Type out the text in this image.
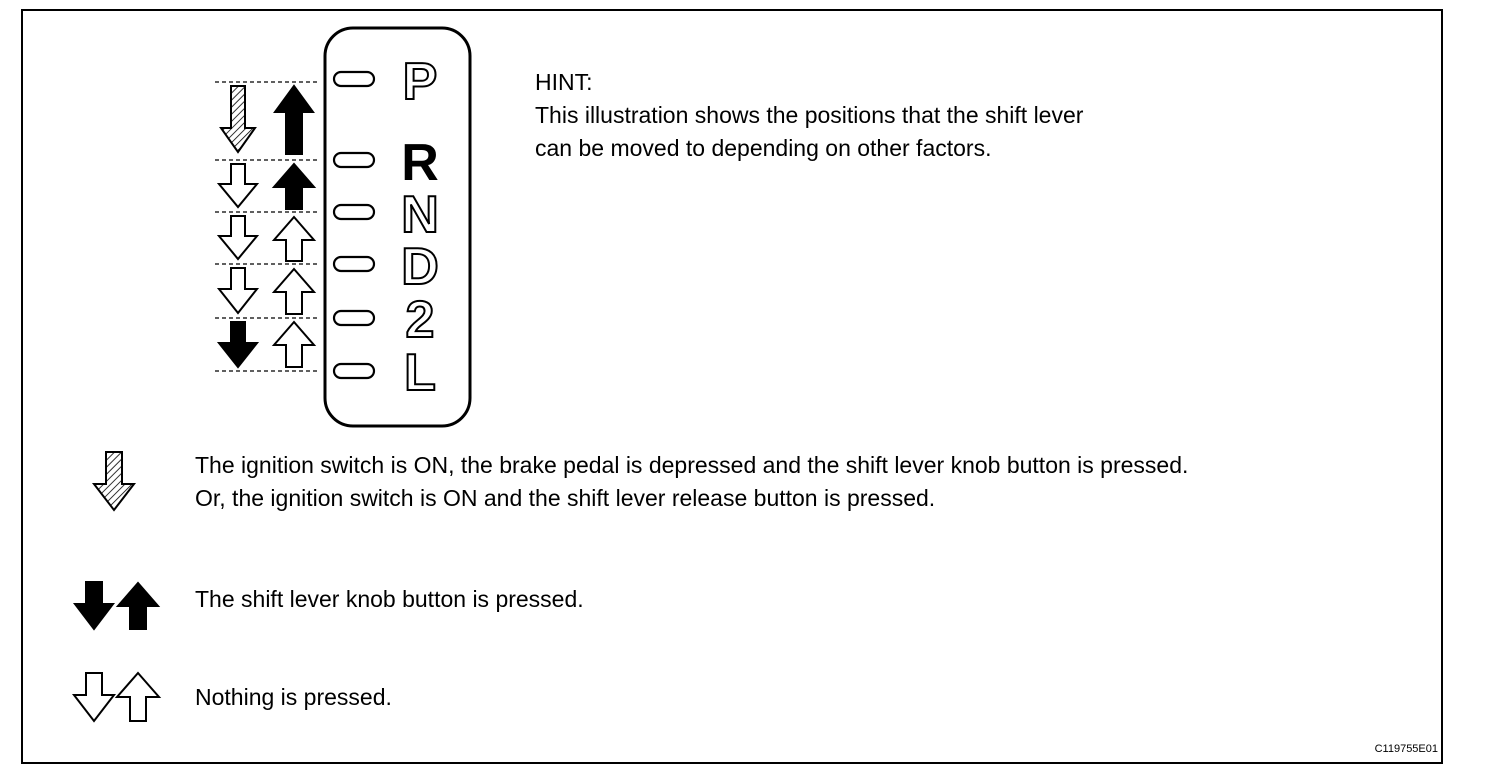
P
R
N
D
2
L
HINT:
This illustration shows the positions that the shift lever
can be moved to depending on other factors.
The ignition switch is ON, the brake pedal is depressed and the shift lever knob button is pressed.
Or, the ignition switch is ON and the shift lever release button is pressed.
The shift lever knob button is pressed.
Nothing is pressed.
C119755E01
